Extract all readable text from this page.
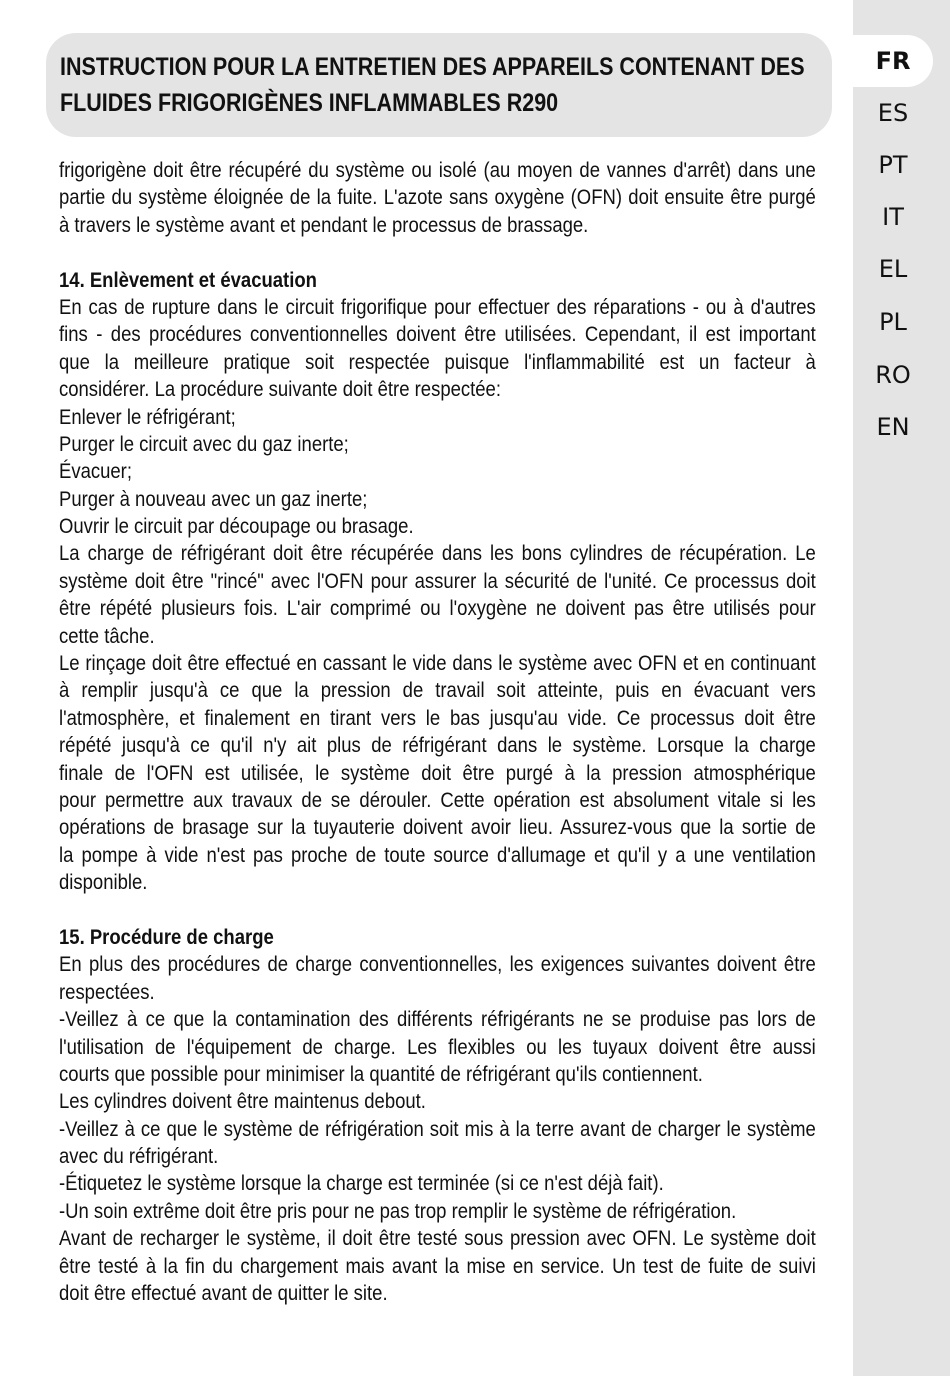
FR
ES
PT
IT
EL
PL
RO
EN
INSTRUCTION POUR LA ENTRETIEN DES APPAREILS CONTENANT DES
FLUIDES FRIGORIGÈNES INFLAMMABLES R290
frigorigène doit être récupéré du système ou isolé (au moyen de vannes d'arrêt) dans une
partie du système éloignée de la fuite. L'azote sans oxygène (OFN) doit ensuite être purgé
à travers le système avant et pendant le processus de brassage.
14. Enlèvement et évacuation
En cas de rupture dans le circuit frigorifique pour effectuer des réparations - ou à d'autres
fins - des procédures conventionnelles doivent être utilisées. Cependant, il est important
que la meilleure pratique soit respectée puisque l'inflammabilité est un facteur à
considérer. La procédure suivante doit être respectée:
Enlever le réfrigérant;
Purger le circuit avec du gaz inerte;
Évacuer;
Purger à nouveau avec un gaz inerte;
Ouvrir le circuit par découpage ou brasage.
La charge de réfrigérant doit être récupérée dans les bons cylindres de récupération. Le
système doit être "rincé" avec l'OFN pour assurer la sécurité de l'unité. Ce processus doit
être répété plusieurs fois. L'air comprimé ou l'oxygène ne doivent pas être utilisés pour
cette tâche.
Le rinçage doit être effectué en cassant le vide dans le système avec OFN et en continuant
à remplir jusqu'à ce que la pression de travail soit atteinte, puis en évacuant vers
l'atmosphère, et finalement en tirant vers le bas jusqu'au vide. Ce processus doit être
répété jusqu'à ce qu'il n'y ait plus de réfrigérant dans le système. Lorsque la charge
finale de l'OFN est utilisée, le système doit être purgé à la pression atmosphérique
pour permettre aux travaux de se dérouler. Cette opération est absolument vitale si les
opérations de brasage sur la tuyauterie doivent avoir lieu. Assurez-vous que la sortie de
la pompe à vide n'est pas proche de toute source d'allumage et qu'il y a une ventilation
disponible.
15. Procédure de charge
En plus des procédures de charge conventionnelles, les exigences suivantes doivent être
respectées.
-Veillez à ce que la contamination des différents réfrigérants ne se produise pas lors de
l'utilisation de l'équipement de charge. Les flexibles ou les tuyaux doivent être aussi
courts que possible pour minimiser la quantité de réfrigérant qu'ils contiennent.
Les cylindres doivent être maintenus debout.
-Veillez à ce que le système de réfrigération soit mis à la terre avant de charger le système
avec du réfrigérant.
-Étiquetez le système lorsque la charge est terminée (si ce n'est déjà fait).
-Un soin extrême doit être pris pour ne pas trop remplir le système de réfrigération.
Avant de recharger le système, il doit être testé sous pression avec OFN. Le système doit
être testé à la fin du chargement mais avant la mise en service. Un test de fuite de suivi
doit être effectué avant de quitter le site.
